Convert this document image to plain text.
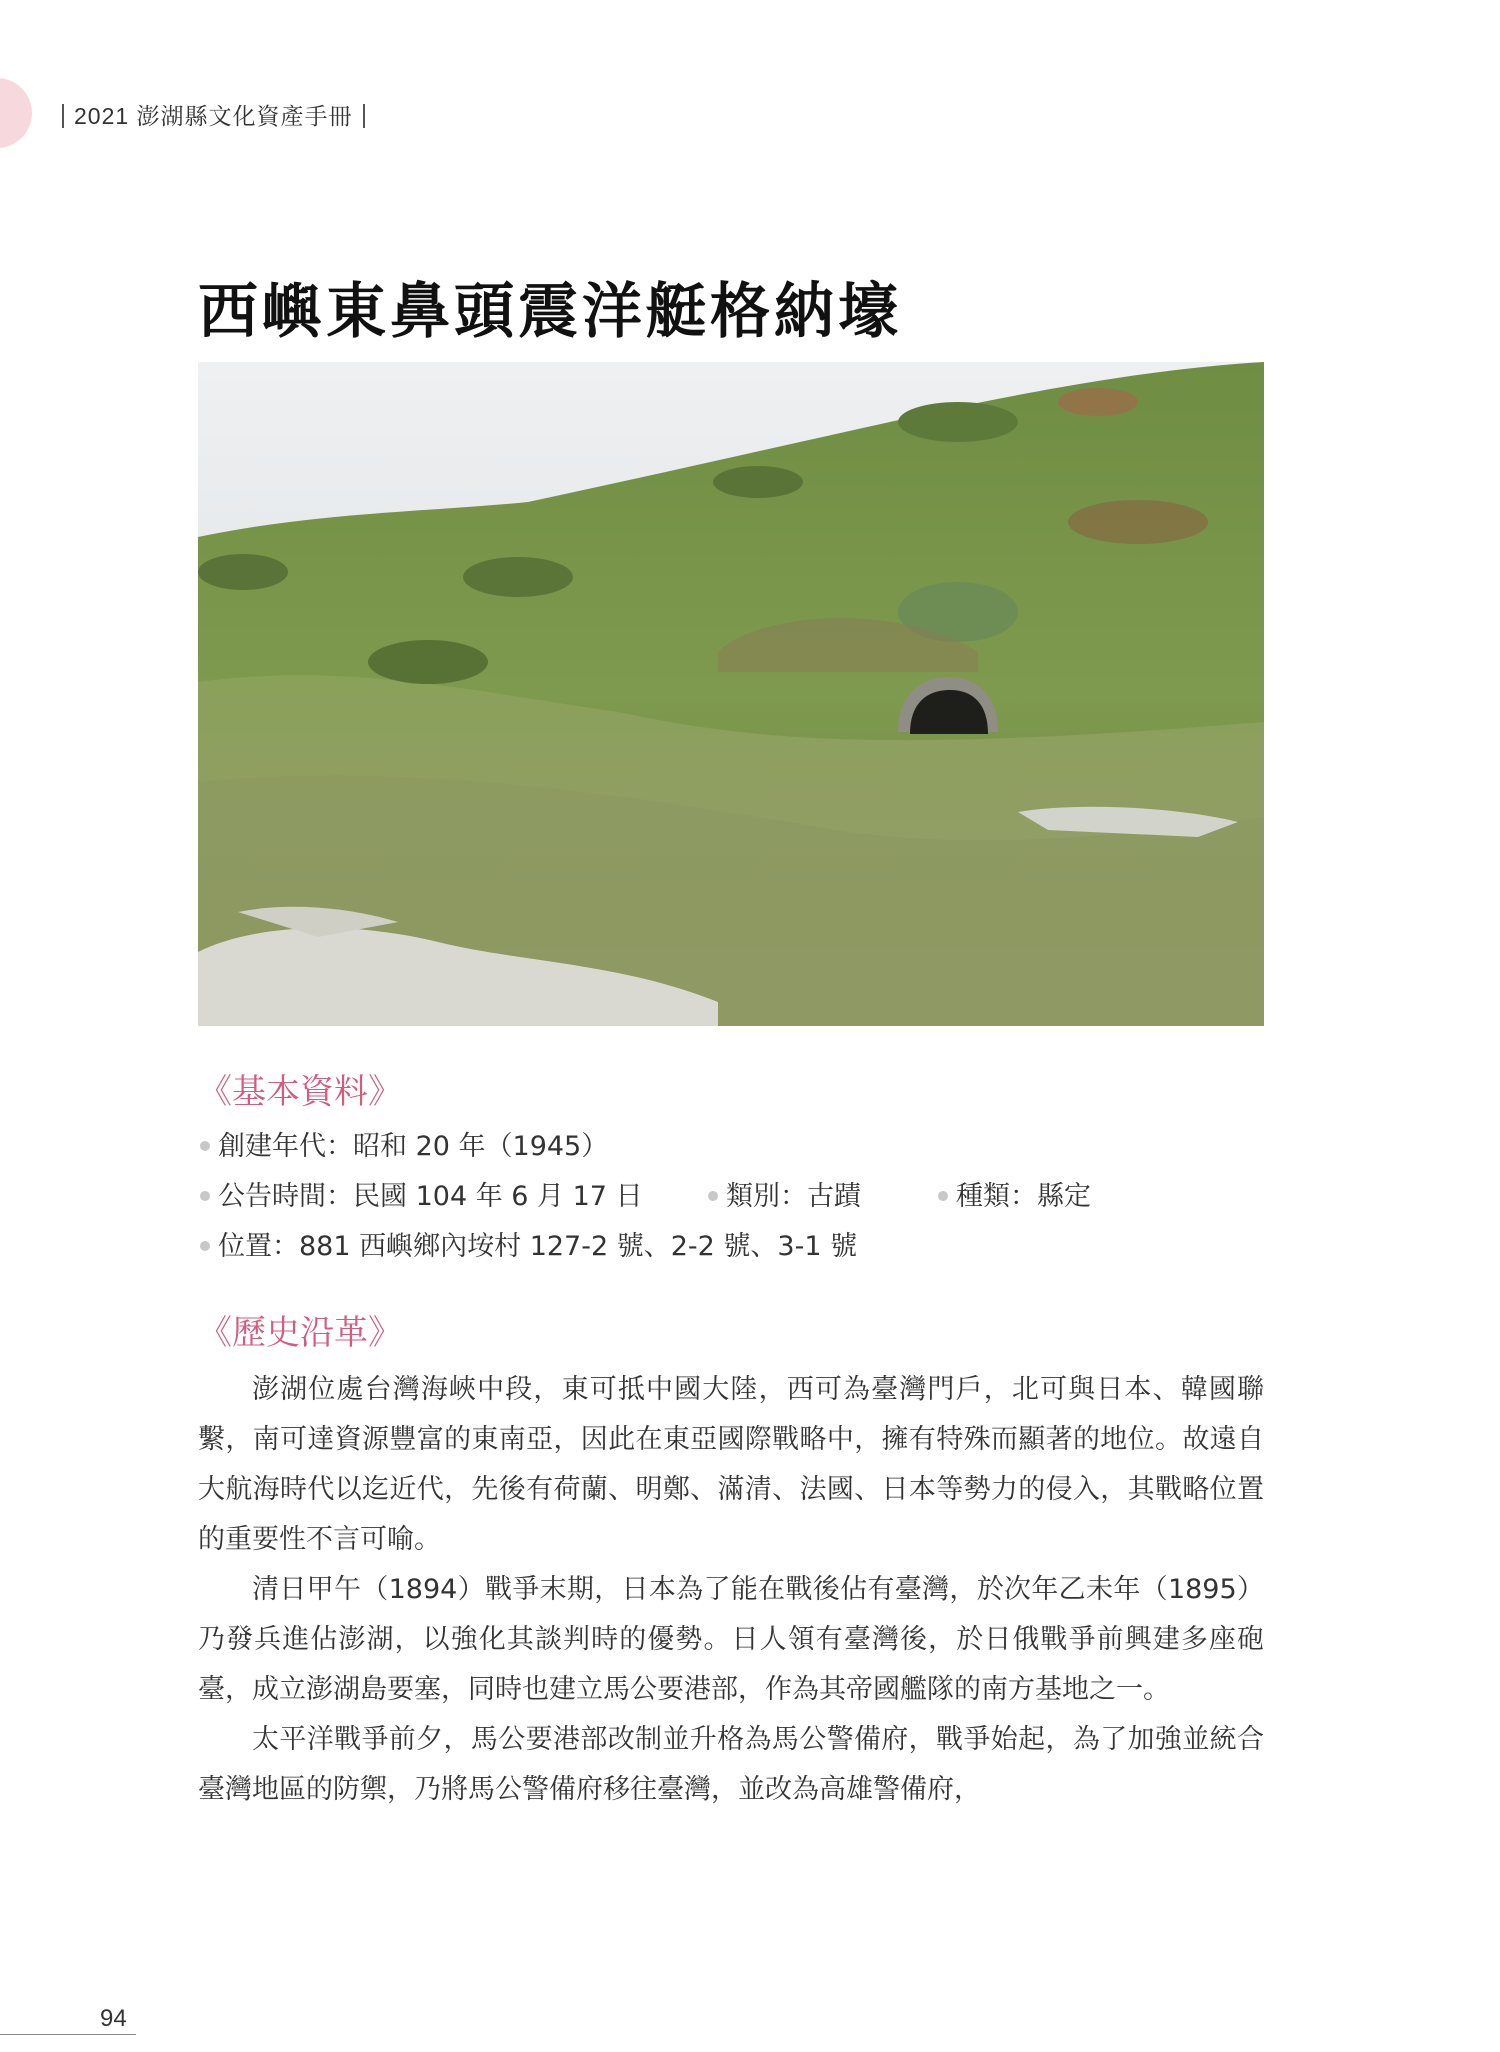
2021 澎湖縣文化資產手冊
西嶼東鼻頭震洋艇格納壕
《基本資料》
創建年代：昭和 20 年（1945）
公告時間：民國 104 年 6 月 17 日	類別：古蹟	種類：縣定
位置：881 西嶼鄉內垵村 127-2 號、2-2 號、3-1 號
《歷史沿革》

澎湖位處台灣海峽中段，東可抵中國大陸，西可為臺灣門戶，北可與日本、韓國聯繫，南可達資源豐富的東南亞，因此在東亞國際戰略中，擁有特殊而顯著的地位。故遠自大航海時代以迄近代，先後有荷蘭、明鄭、滿清、法國、日本等勢力的侵入，其戰略位置的重要性不言可喻。

清日甲午（1894）戰爭末期，日本為了能在戰後佔有臺灣，於次年乙未年（1895）乃發兵進佔澎湖，以強化其談判時的優勢。日人領有臺灣後，於日俄戰爭前興建多座砲臺，成立澎湖島要塞，同時也建立馬公要港部，作為其帝國艦隊的南方基地之一。

太平洋戰爭前夕，馬公要港部改制並升格為馬公警備府，戰爭始起，為了加強並統合臺灣地區的防禦，乃將馬公警備府移往臺灣，並改為高雄警備府，

94
